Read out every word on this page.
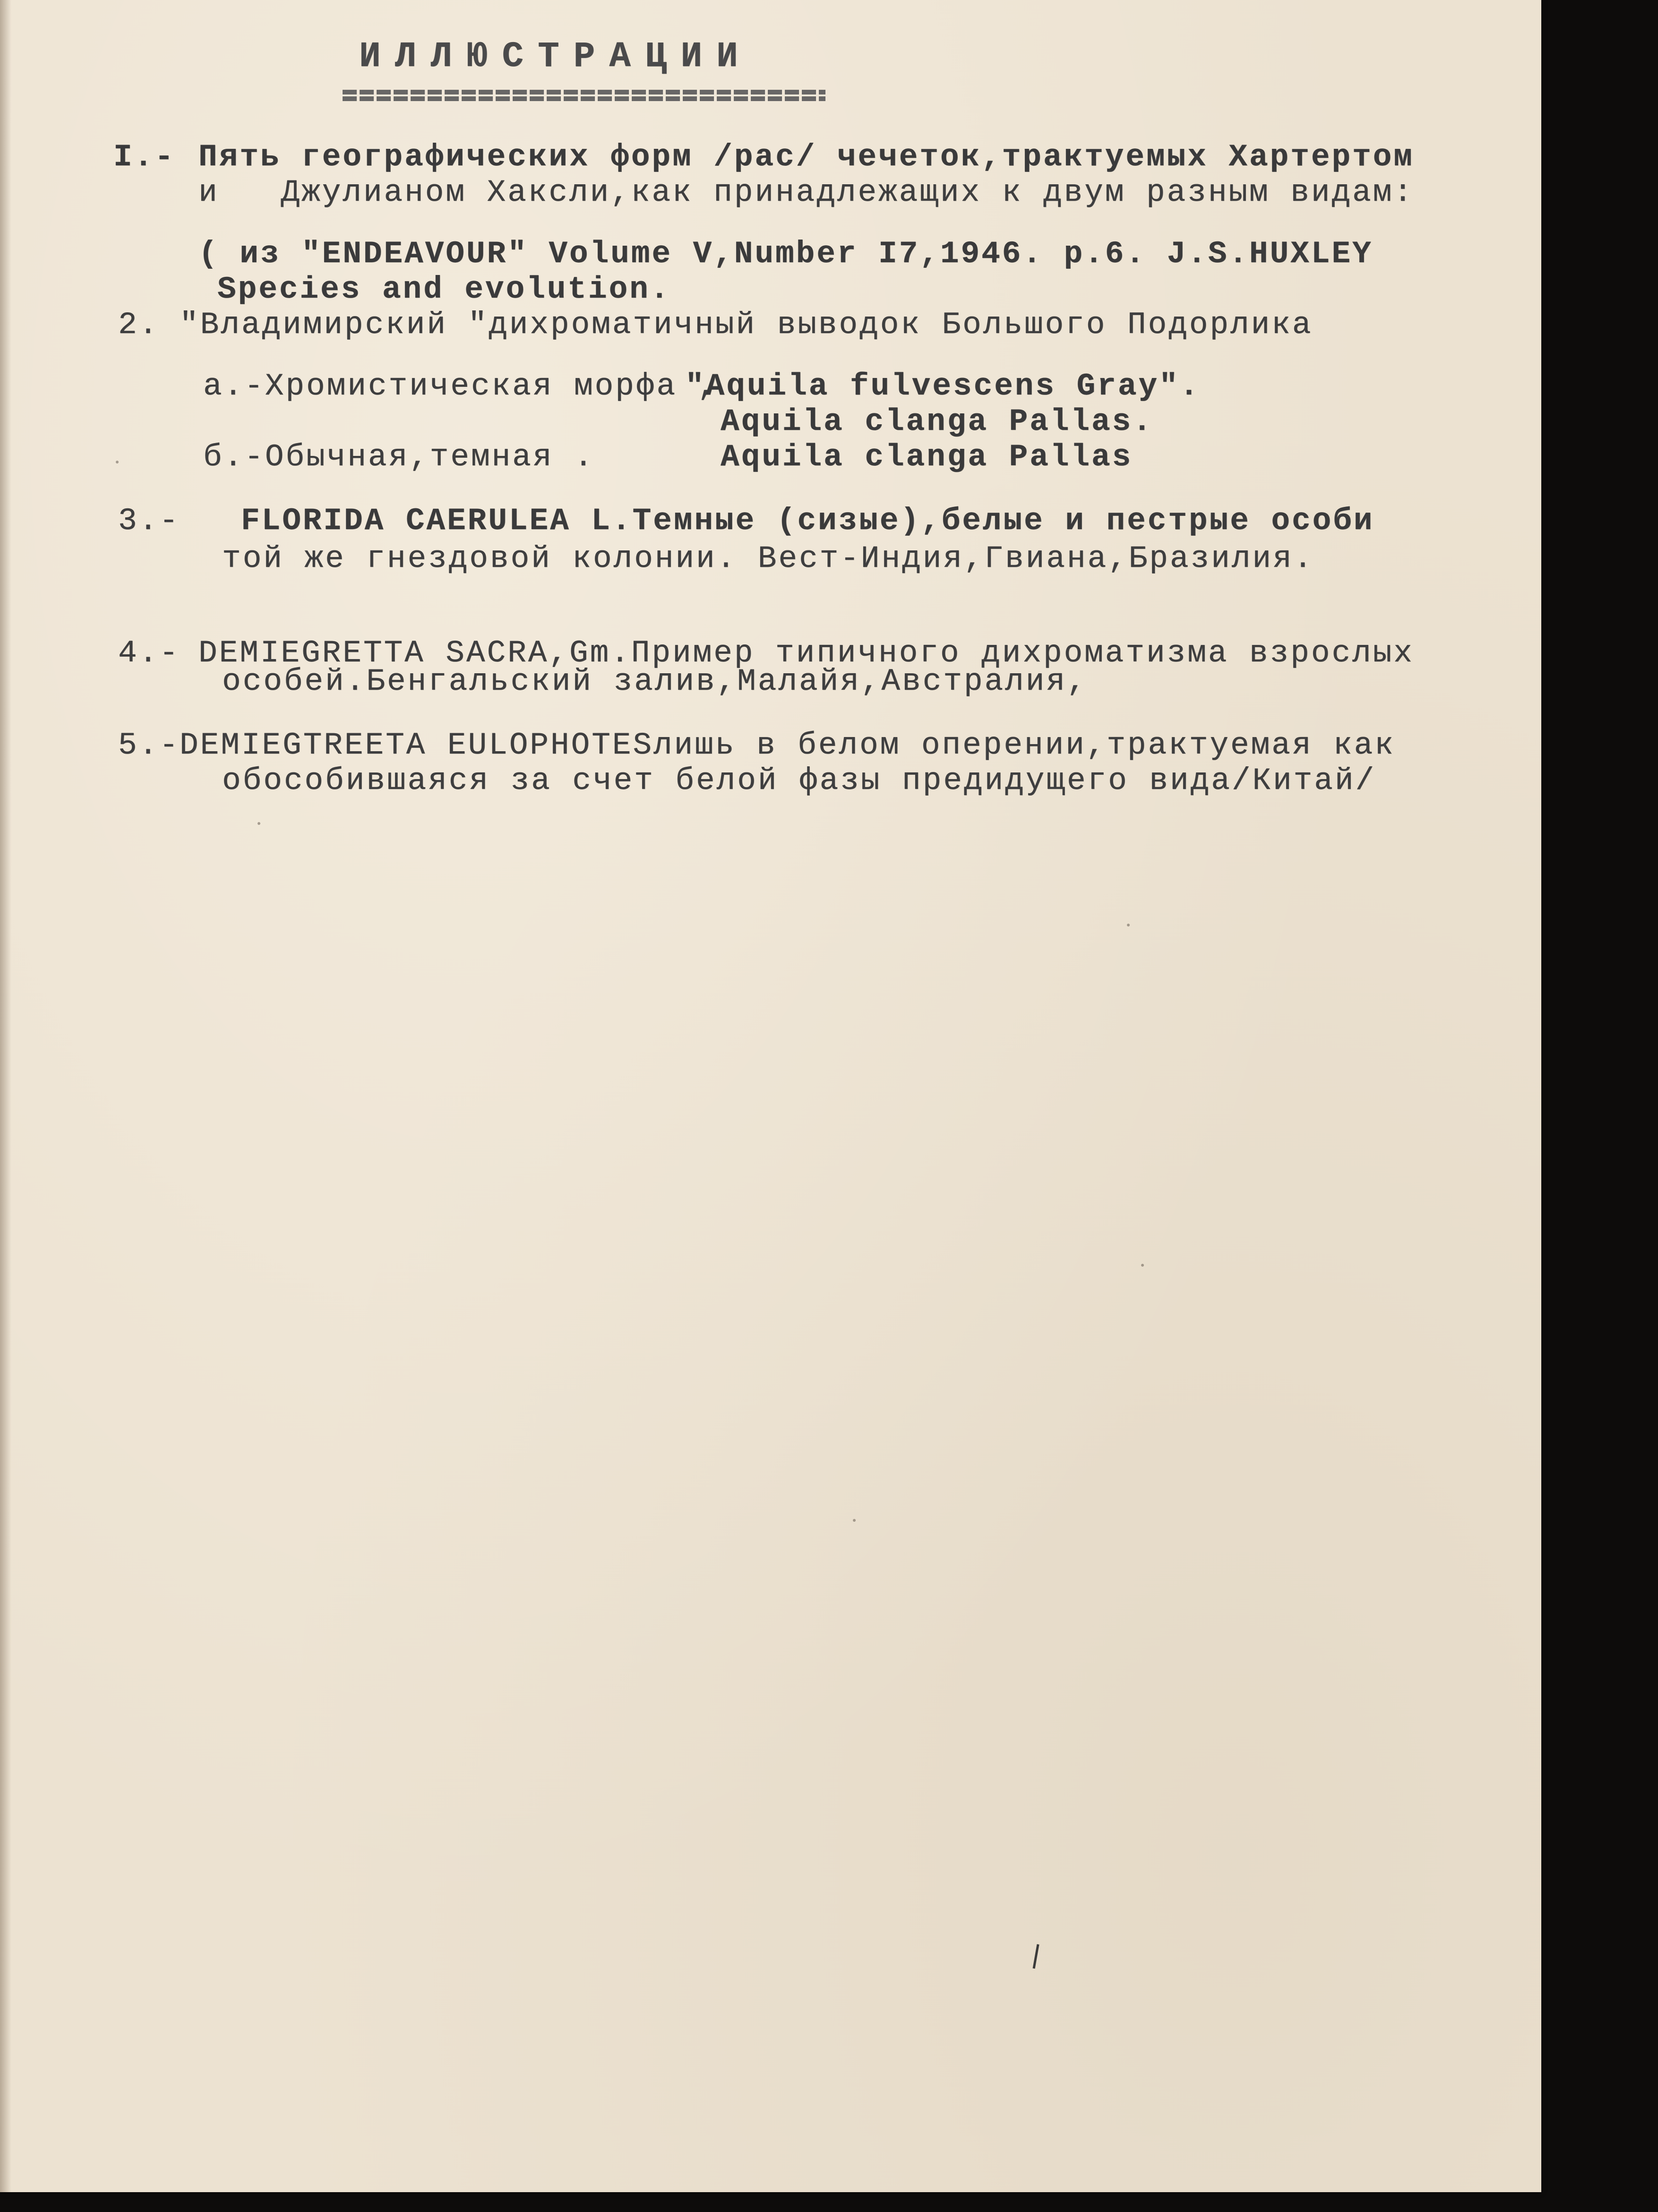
ИЛЛЮСТРАЦИИ
I.- Пять географических форм /рас/ чечеток,трактуемых Хартертом
и   Джулианом Хаксли,как принадлежащих к двум разным видам:
( из "ENDEAVOUR" Volume V,Number I7,1946. p.6. J.S.HUXLEY
Species and evolution.
2. "Владимирский "дихроматичный выводок Большого Подорлика
а.-Хромистическая морфа ,
"Aquila fulvescens Gray".
Aquila clanga Pallas.
б.-Обычная,темная .	Aquila clanga Pallas
3.- FLORIDA CAERULEA L.Темные (сизые),белые и пестрые особи
той же гнездовой колонии. Вест-Индия,Гвиана,Бразилия.
4.- DEMIEGRETTA SACRA,Gm.Пример типичного дихроматизма взрослых
особей.Бенгальский залив,Малайя,Австралия,
5.- DEMIEGTREETA EULOPHOTESлишь в белом оперении,трактуемая как
обособившаяся за счет белой фазы предидущего вида/Китай/
